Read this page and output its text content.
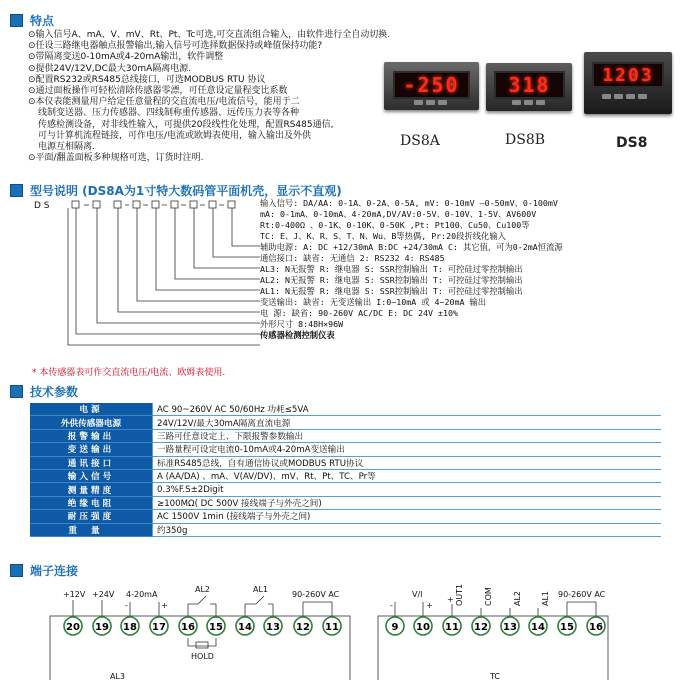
特点
⊙输入信号A、mA、V、mV、Rt、Pt、Tc可选,可交直流组合输入，由软件进行全自动切换.
⊙任设三路继电器触点报警输出,输入信号可选择数据保持或峰值保持功能?
⊙带隔离变送0-10mA或4-20mA输出，软件调整
⊙提供24V/12V,DC最大30mA隔离电源.
⊙配置RS232或RS485总线接口，可选MODBUS RTU 协议
⊙通过面板操作可轻松清除传感器零漂，可任意设定量程变比系数
⊙本仪表能测量用户给定任意量程的交直流电压/电流信号，能用于二
线制变送器、压力传感器、四线制称重传感器、远传压力表等各种
传感检测设备，对非线性输入，可提供20段线性化处理，配置RS485通信,
可与计算机流程链接，可作电压/电流或欧姆表使用，输入输出及外供
电源互相隔离.
⊙平面/翻盖面板多种规格可选，订货时注明.
-250
DS8A
318
DS8B
1203
DS8
型号说明 (DS8A为1寸特大数码管平面机壳，显示不直观)
D S	输入信号: DA/AA: 0-1A、0-2A、0-5A, mV: 0-10mV —0-50mV、0-100mV
mA: 0-1mA、0-10mA、4-20mA,DV/AV:0-5V、0-10V、1-5V、AV600V
Rt:0-400Ω 、0-1K、0-10K、0-50K ,Pt: Pt100、Cu50、Cu100等
TC: E、J、K、R、S、T、N、Wu、B等热偶, Pr:20段折线化输入
辅助电源: A: DC +12/30mA B:DC +24/30mA C: 其它值，可为0-2mA恒流源
通信接口: 缺省: 无通信 2: RS232 4: RS485
AL3: N无报警 R: 继电器 S: SSR控制输出 T: 可控硅过零控制输出
AL2: N无报警 R: 继电器 S: SSR控制输出 T: 可控硅过零控制输出
AL1: N无报警 R: 继电器 S: SSR控制输出 T: 可控硅过零控制输出
变送输出: 缺省: 无变送输出 I:0~10mA 或 4~20mA 输出
电 源: 缺省: 90-260V AC/DC E: DC 24V ±10%
外形尺寸 8:48H×96W
传感器检测控制仪表
* 本传感器表可作交直流电压/电流、欧姆表使用.
技术参数
电源	AC 90~260V AC 50/60Hz 功耗≤5VA
外供传感器电源	24V/12V/最大30mA隔离直流电源
报警输出	三路可任意设定上、下限报警参数输出
变送输出	一路量程可设定电流0-10mA或4-20mA变送输出
通讯接口	标准RS485总线，自有通信协议或MODBUS RTU协议
输入信号	A (AA/DA) 、mA、V(AV/DV)、mV、Rt、Pt、TC、Pr等
测量精度	0.3%F.S±2Digit
绝缘电阻	≥100MΩ( DC 500V 接线端子与外壳之间)
耐压强度	AC 1500V 1min (接线端子与外壳之间)
重量	约350g
端子连接
20 19 18 17 16 15 14 13 12 11
+12V +24V 4-20mA
AL2	AL1
90-260V AC
HOLD
AL3
-	+
9 10 11 12 13 14 15 16
V/I	OUT1	COM	AL2 AL1 90-260V AC
TC
-	+
+
